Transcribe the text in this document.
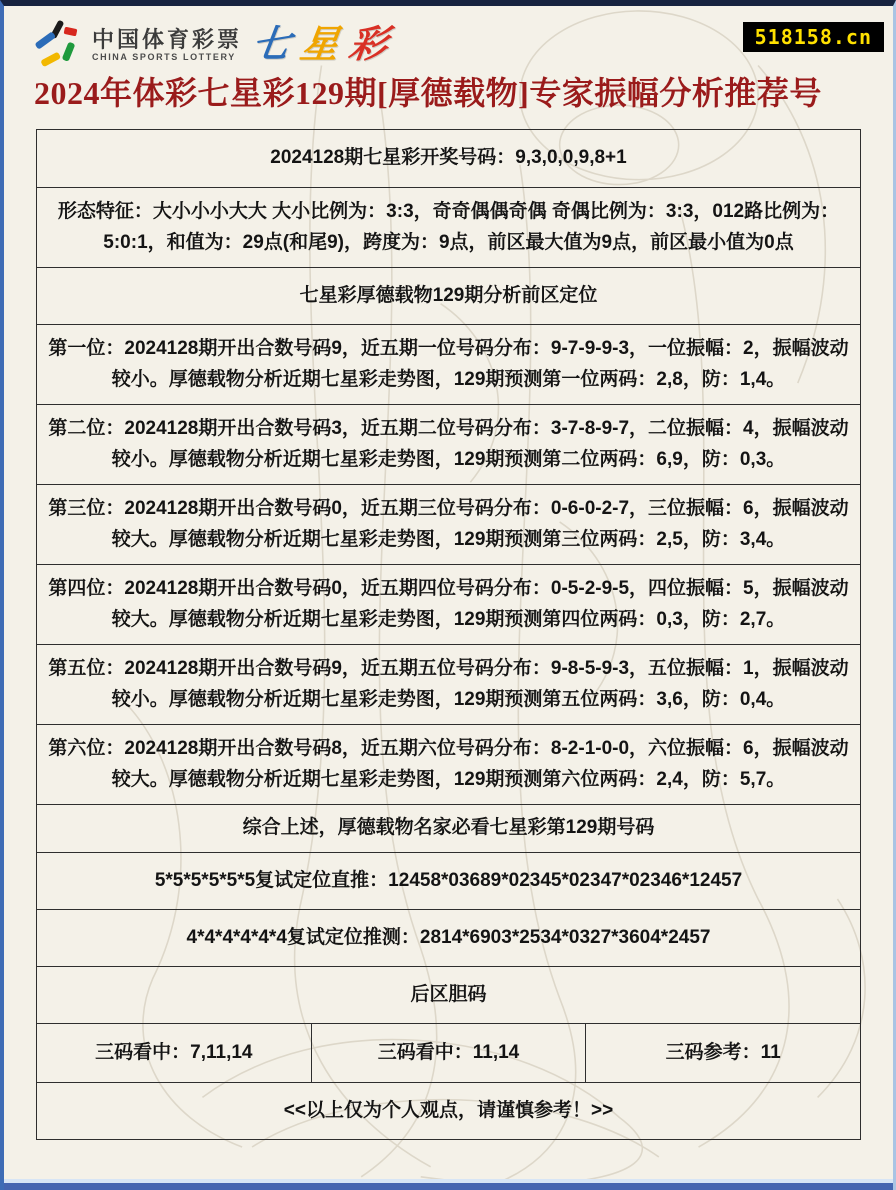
中国体育彩票
CHINA SPORTS LOTTERY 七 星 彩	518158.cn
2024年体彩七星彩129期[厚德载物]专家振幅分析推荐号
2024128期七星彩开奖号码：9,3,0,0,9,8+1
形态特征：大小小小大大 大小比例为：3:3，奇奇偶偶奇偶 奇偶比例为：3:3，012路比例为：5:0:1，和值为：29点(和尾9)，跨度为：9点，前区最大值为9点，前区最小值为0点
七星彩厚德载物129期分析前区定位
第一位：2024128期开出合数号码9，近五期一位号码分布：9-7-9-9-3，一位振幅：2，振幅波动较小。厚德载物分析近期七星彩走势图，129期预测第一位两码：2,8，防：1,4。
第二位：2024128期开出合数号码3，近五期二位号码分布：3-7-8-9-7，二位振幅：4，振幅波动较小。厚德载物分析近期七星彩走势图，129期预测第二位两码：6,9，防：0,3。
第三位：2024128期开出合数号码0，近五期三位号码分布：0-6-0-2-7，三位振幅：6，振幅波动较大。厚德载物分析近期七星彩走势图，129期预测第三位两码：2,5，防：3,4。
第四位：2024128期开出合数号码0，近五期四位号码分布：0-5-2-9-5，四位振幅：5，振幅波动较大。厚德载物分析近期七星彩走势图，129期预测第四位两码：0,3，防：2,7。
第五位：2024128期开出合数号码9，近五期五位号码分布：9-8-5-9-3，五位振幅：1，振幅波动较小。厚德载物分析近期七星彩走势图，129期预测第五位两码：3,6，防：0,4。
第六位：2024128期开出合数号码8，近五期六位号码分布：8-2-1-0-0，六位振幅：6，振幅波动较大。厚德载物分析近期七星彩走势图，129期预测第六位两码：2,4，防：5,7。
综合上述，厚德载物名家必看七星彩第129期号码
5*5*5*5*5*5复试定位直推：12458*03689*02345*02347*02346*12457
4*4*4*4*4*4复试定位推测：2814*6903*2534*0327*3604*2457
后区胆码
三码看中：7,11,14	三码看中：11,14	三码参考：11
<<以上仅为个人观点，请谨慎参考！>>
